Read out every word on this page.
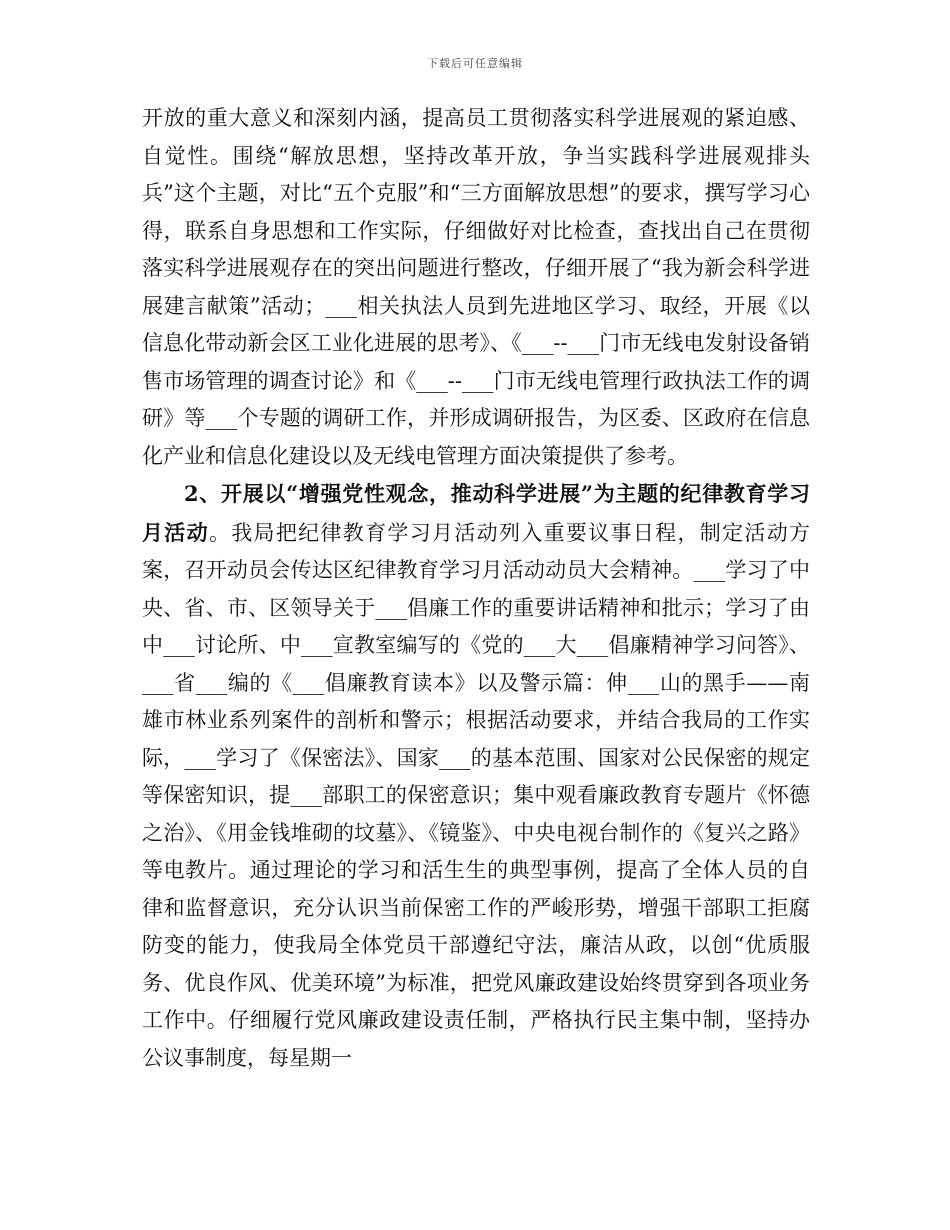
下载后可任意编辑

开放的重大意义和深刻内涵，提高员工贯彻落实科学进展观的紧迫感、自觉性。围绕“解放思想，坚持改革开放，争当实践科学进展观排头兵”这个主题，对比“五个克服”和“三方面解放思想”的要求，撰写学习心得，联系自身思想和工作实际，仔细做好对比检查，查找出自己在贯彻落实科学进展观存在的突出问题进行整改，仔细开展了“我为新会科学进展建言献策”活动；___相关执法人员到先进地区学习、取经，开展《以信息化带动新会区工业化进展的思考》、《___--___门市无线电发射设备销售市场管理的调查讨论》和《___--___门市无线电管理行政执法工作的调研》等___个专题的调研工作，并形成调研报告，为区委、区政府在信息化产业和信息化建设以及无线电管理方面决策提供了参考。

2、开展以“增强党性观念，推动科学进展”为主题的纪律教育学习月活动。我局把纪律教育学习月活动列入重要议事日程，制定活动方案，召开动员会传达区纪律教育学习月活动动员大会精神。___学习了中央、省、市、区领导关于___倡廉工作的重要讲话精神和批示；学习了由中___讨论所、中___宣教室编写的《党的___大___倡廉精神学习问答》、___省___编的《___倡廉教育读本》以及警示篇：伸___山的黑手——南雄市林业系列案件的剖析和警示；根据活动要求，并结合我局的工作实际，___学习了《保密法》、国家___的基本范围、国家对公民保密的规定等保密知识，提___部职工的保密意识；集中观看廉政教育专题片《怀德之治》、《用金钱堆砌的坟墓》、《镜鉴》、中央电视台制作的《复兴之路》等电教片。通过理论的学习和活生生的典型事例，提高了全体人员的自律和监督意识，充分认识当前保密工作的严峻形势，增强干部职工拒腐防变的能力，使我局全体党员干部遵纪守法，廉洁从政，以创“优质服务、优良作风、优美环境”为标准，把党风廉政建设始终贯穿到各项业务工作中。仔细履行党风廉政建设责任制，严格执行民主集中制，坚持办公议事制度，每星期一
